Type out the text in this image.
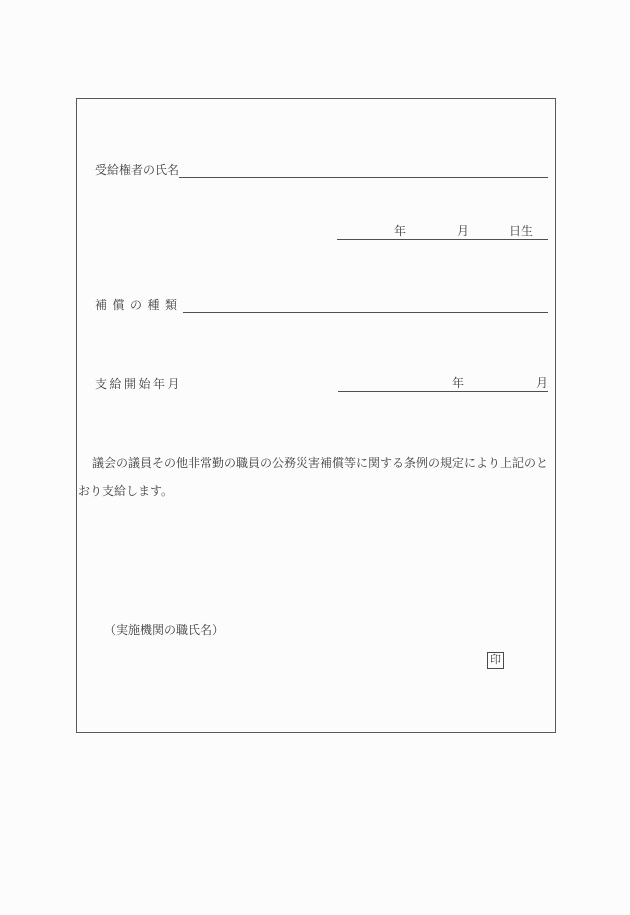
受給権者の氏名
年	月	日生
補償の種類
支給開始年月	年	月

議会の議員その他非常勤の職員の公務災害補償等に関する条例の規定により上記のとおり支給します。

（実施機関の職氏名）
印
